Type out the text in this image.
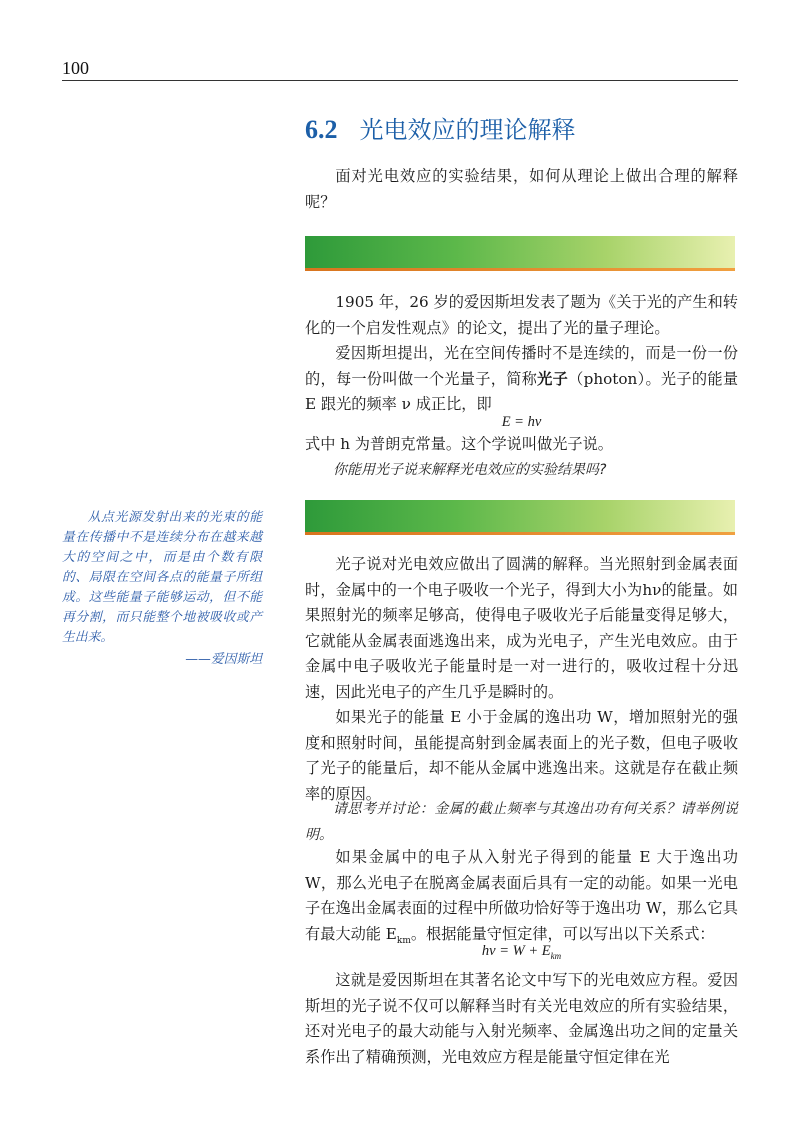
100
6.2 光电效应的理论解释

面对光电效应的实验结果，如何从理论上做出合理的解释呢？

1905 年，26 岁的爱因斯坦发表了题为《关于光的产生和转化的一个启发性观点》的论文，提出了光的量子理论。

爱因斯坦提出，光在空间传播时不是连续的，而是一份一份的，每一份叫做一个光量子，简称光子（photon）。光子的能量 E 跟光的频率 ν 成正比，即

E = hν

式中 h 为普朗克常量。这个学说叫做光子说。

你能用光子说来解释光电效应的实验结果吗?

从点光源发射出来的光束的能量在传播中不是连续分布在越来越大的空间之中，而是由个数有限的、局限在空间各点的能量子所组成。这些能量子能够运动，但不能再分割，而只能整个地被吸收或产生出来。

——爱因斯坦

光子说对光电效应做出了圆满的解释。当光照射到金属表面时，金属中的一个电子吸收一个光子，得到大小为hν的能量。如果照射光的频率足够高，使得电子吸收光子后能量变得足够大，它就能从金属表面逃逸出来，成为光电子，产生光电效应。由于金属中电子吸收光子能量时是一对一进行的，吸收过程十分迅速，因此光电子的产生几乎是瞬时的。

如果光子的能量 E 小于金属的逸出功 W，增加照射光的强度和照射时间，虽能提高射到金属表面上的光子数，但电子吸收了光子的能量后，却不能从金属中逃逸出来。这就是存在截止频率的原因。

请思考并讨论：金属的截止频率与其逸出功有何关系？请举例说明。

如果金属中的电子从入射光子得到的能量 E 大于逸出功 W，那么光电子在脱离金属表面后具有一定的动能。如果一光电子在逸出金属表面的过程中所做功恰好等于逸出功 W，那么它具有最大动能 $E_{km}$。根据能量守恒定律，可以写出以下关系式：

$h\nu = W + E_{km}$

这就是爱因斯坦在其著名论文中写下的光电效应方程。爱因斯坦的光子说不仅可以解释当时有关光电效应的所有实验结果，还对光电子的最大动能与入射光频率、金属逸出功之间的定量关系作出了精确预测，光电效应方程是能量守恒定律在光
